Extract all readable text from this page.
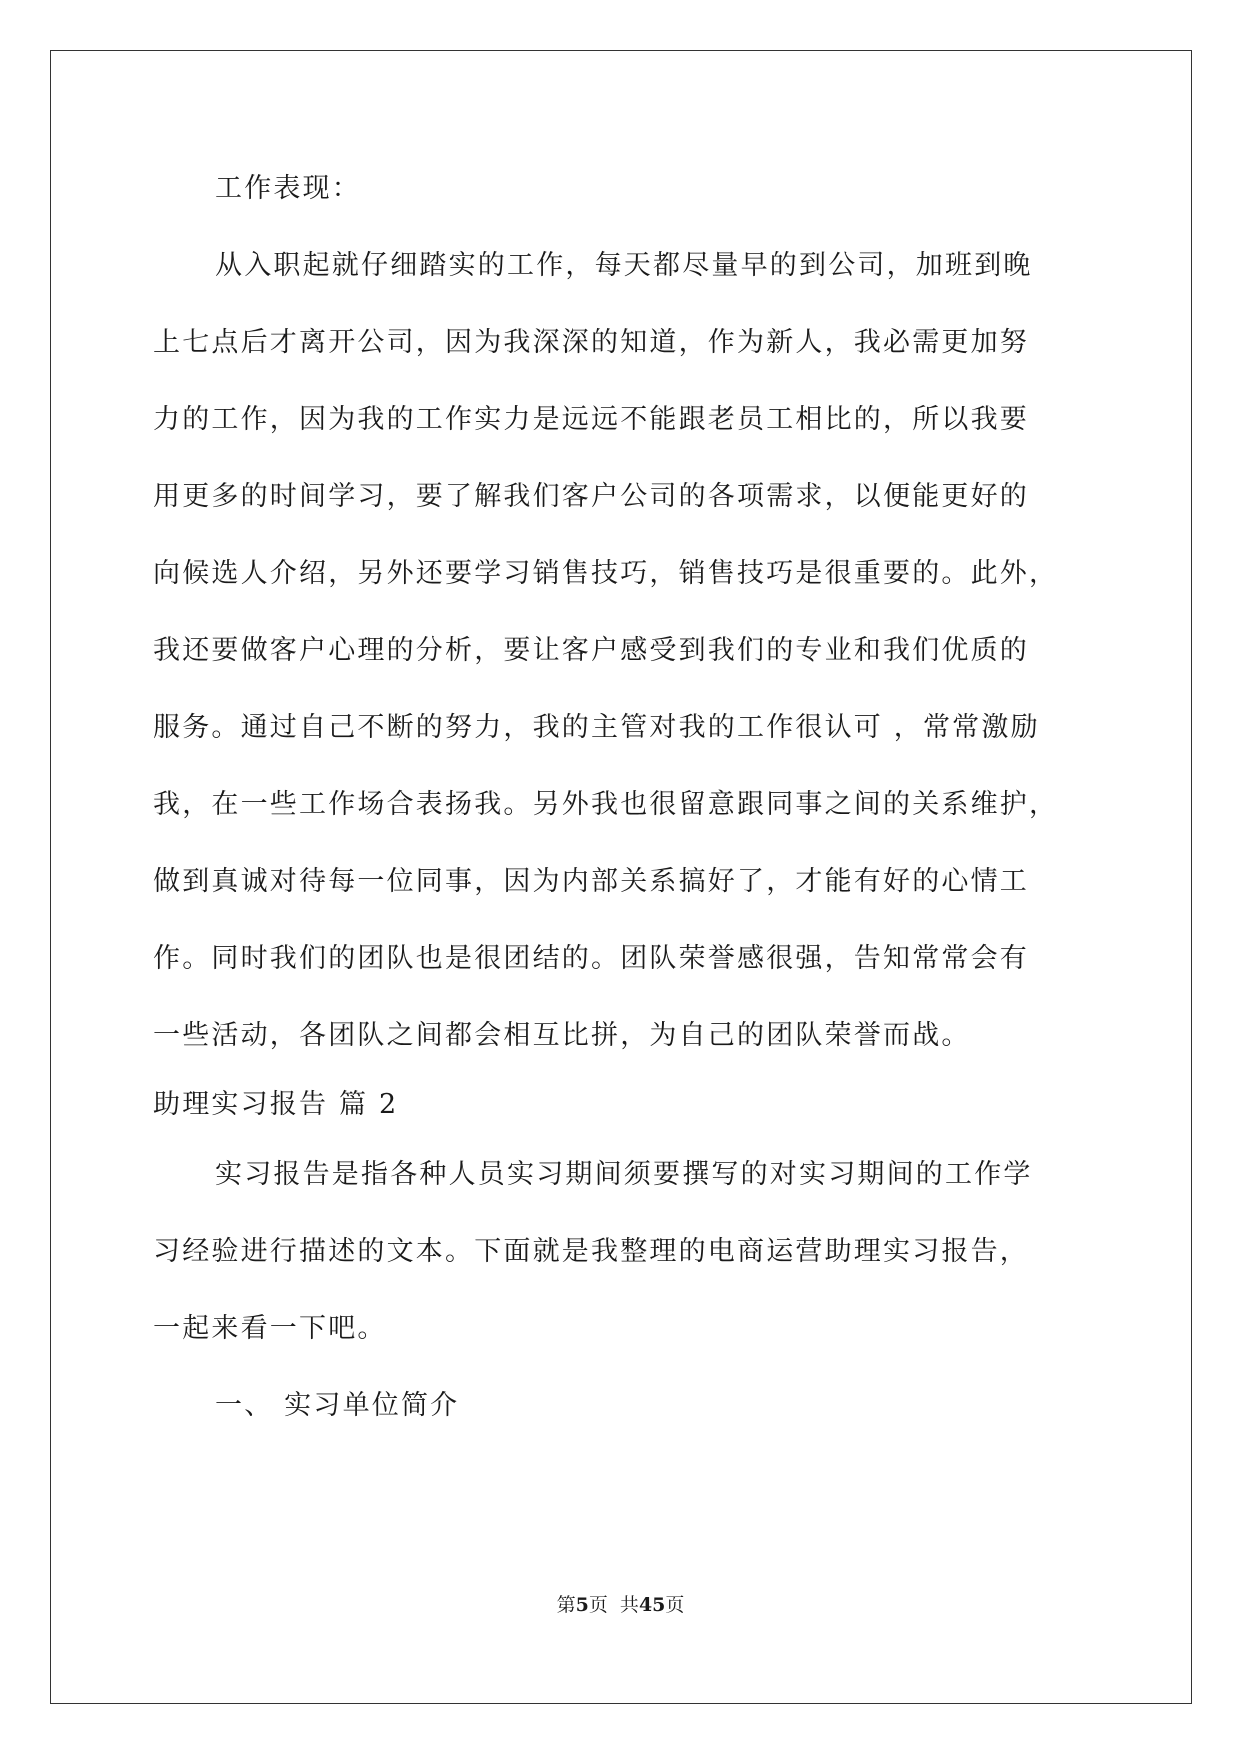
工作表现：
从入职起就仔细踏实的工作，每天都尽量早的到公司，加班到晚
上七点后才离开公司，因为我深深的知道，作为新人，我必需更加努
力的工作，因为我的工作实力是远远不能跟老员工相比的，所以我要
用更多的时间学习，要了解我们客户公司的各项需求，以便能更好的
向候选人介绍，另外还要学习销售技巧，销售技巧是很重要的。此外，
我还要做客户心理的分析，要让客户感受到我们的专业和我们优质的
服务。通过自己不断的努力，我的主管对我的工作很认可 ，常常激励
我，在一些工作场合表扬我。另外我也很留意跟同事之间的关系维护，
做到真诚对待每一位同事，因为内部关系搞好了，才能有好的心情工
作。同时我们的团队也是很团结的。团队荣誉感很强，告知常常会有
一些活动，各团队之间都会相互比拼，为自己的团队荣誉而战。
助理实习报告 篇 2
实习报告是指各种人员实习期间须要撰写的对实习期间的工作学
习经验进行描述的文本。下面就是我整理的电商运营助理实习报告，
一起来看一下吧。
一、 实习单位简介
第5页  共45页
